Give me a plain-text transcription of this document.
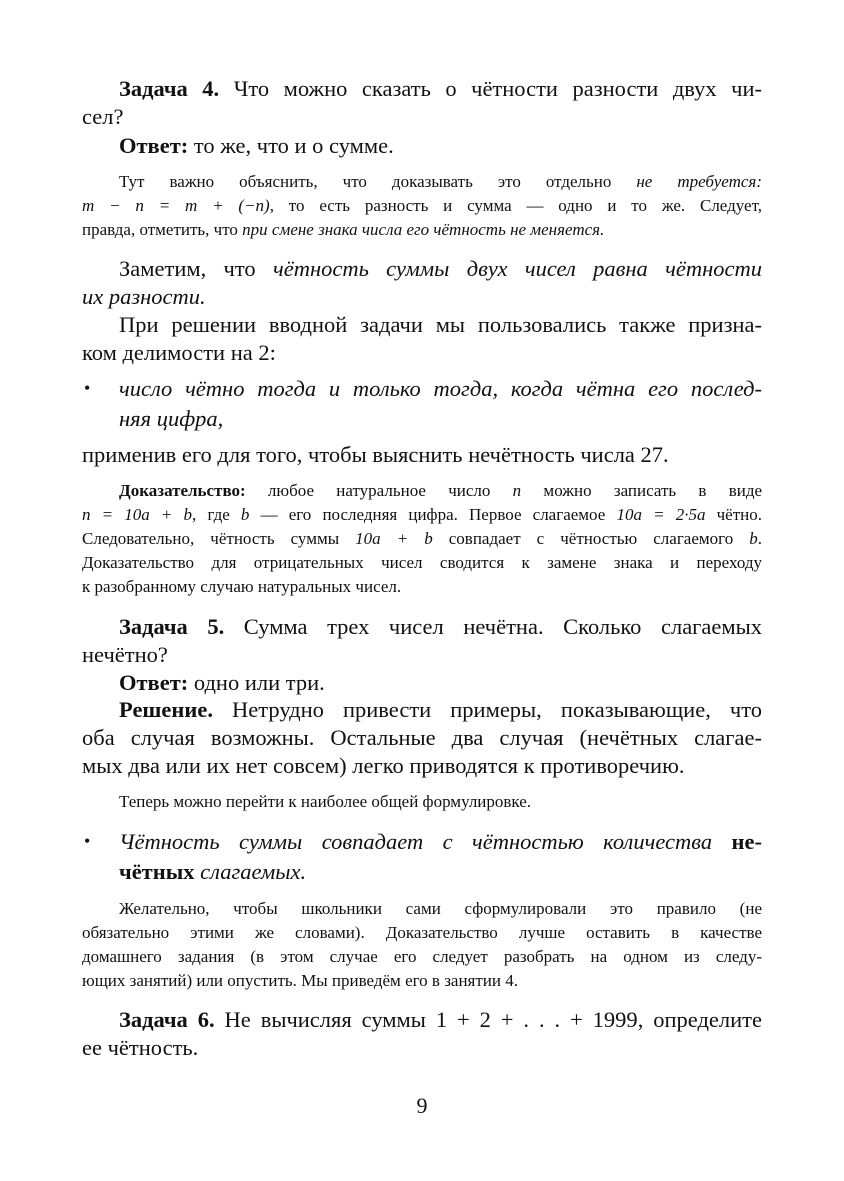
Задача 4. Что можно сказать о чётности разности двух чи-
сел?
Ответ: то же, что и о сумме.
Тут важно объяснить, что доказывать это отдельно не требуется:
m − n = m + (−n), то есть разность и сумма — одно и то же. Следует,
правда, отметить, что при смене знака числа его чётность не меняется.
Заметим, что чётность суммы двух чисел равна чётности
их разности.
При решении вводной задачи мы пользовались также призна-
ком делимости на 2:
число чётно тогда и только тогда, когда чётна его послед-
•
няя цифра,
применив его для того, чтобы выяснить нечётность числа 27.
Доказательство: любое натуральное число n можно записать в виде
n = 10a + b, где b — его последняя цифра. Первое слагаемое 10a = 2·5a чётно.
Следовательно, чётность суммы 10a + b совпадает с чётностью слагаемого b.
Доказательство для отрицательных чисел сводится к замене знака и переходу
к разобранному случаю натуральных чисел.
Задача 5. Сумма трех чисел нечётна. Сколько слагаемых
нечётно?
Ответ: одно или три.
Решение. Нетрудно привести примеры, показывающие, что
оба случая возможны. Остальные два случая (нечётных слагае-
мых два или их нет совсем) легко приводятся к противоречию.
Теперь можно перейти к наиболее общей формулировке.
Чётность суммы совпадает с чётностью количества не-
•
чётных слагаемых.
Желательно, чтобы школьники сами сформулировали это правило (не
обязательно этими же словами). Доказательство лучше оставить в качестве
домашнего задания (в этом случае его следует разобрать на одном из следу-
ющих занятий) или опустить. Мы приведём его в занятии 4.
Задача 6. Не вычисляя суммы 1 + 2 + . . . + 1999, определите
ее чётность.
9
